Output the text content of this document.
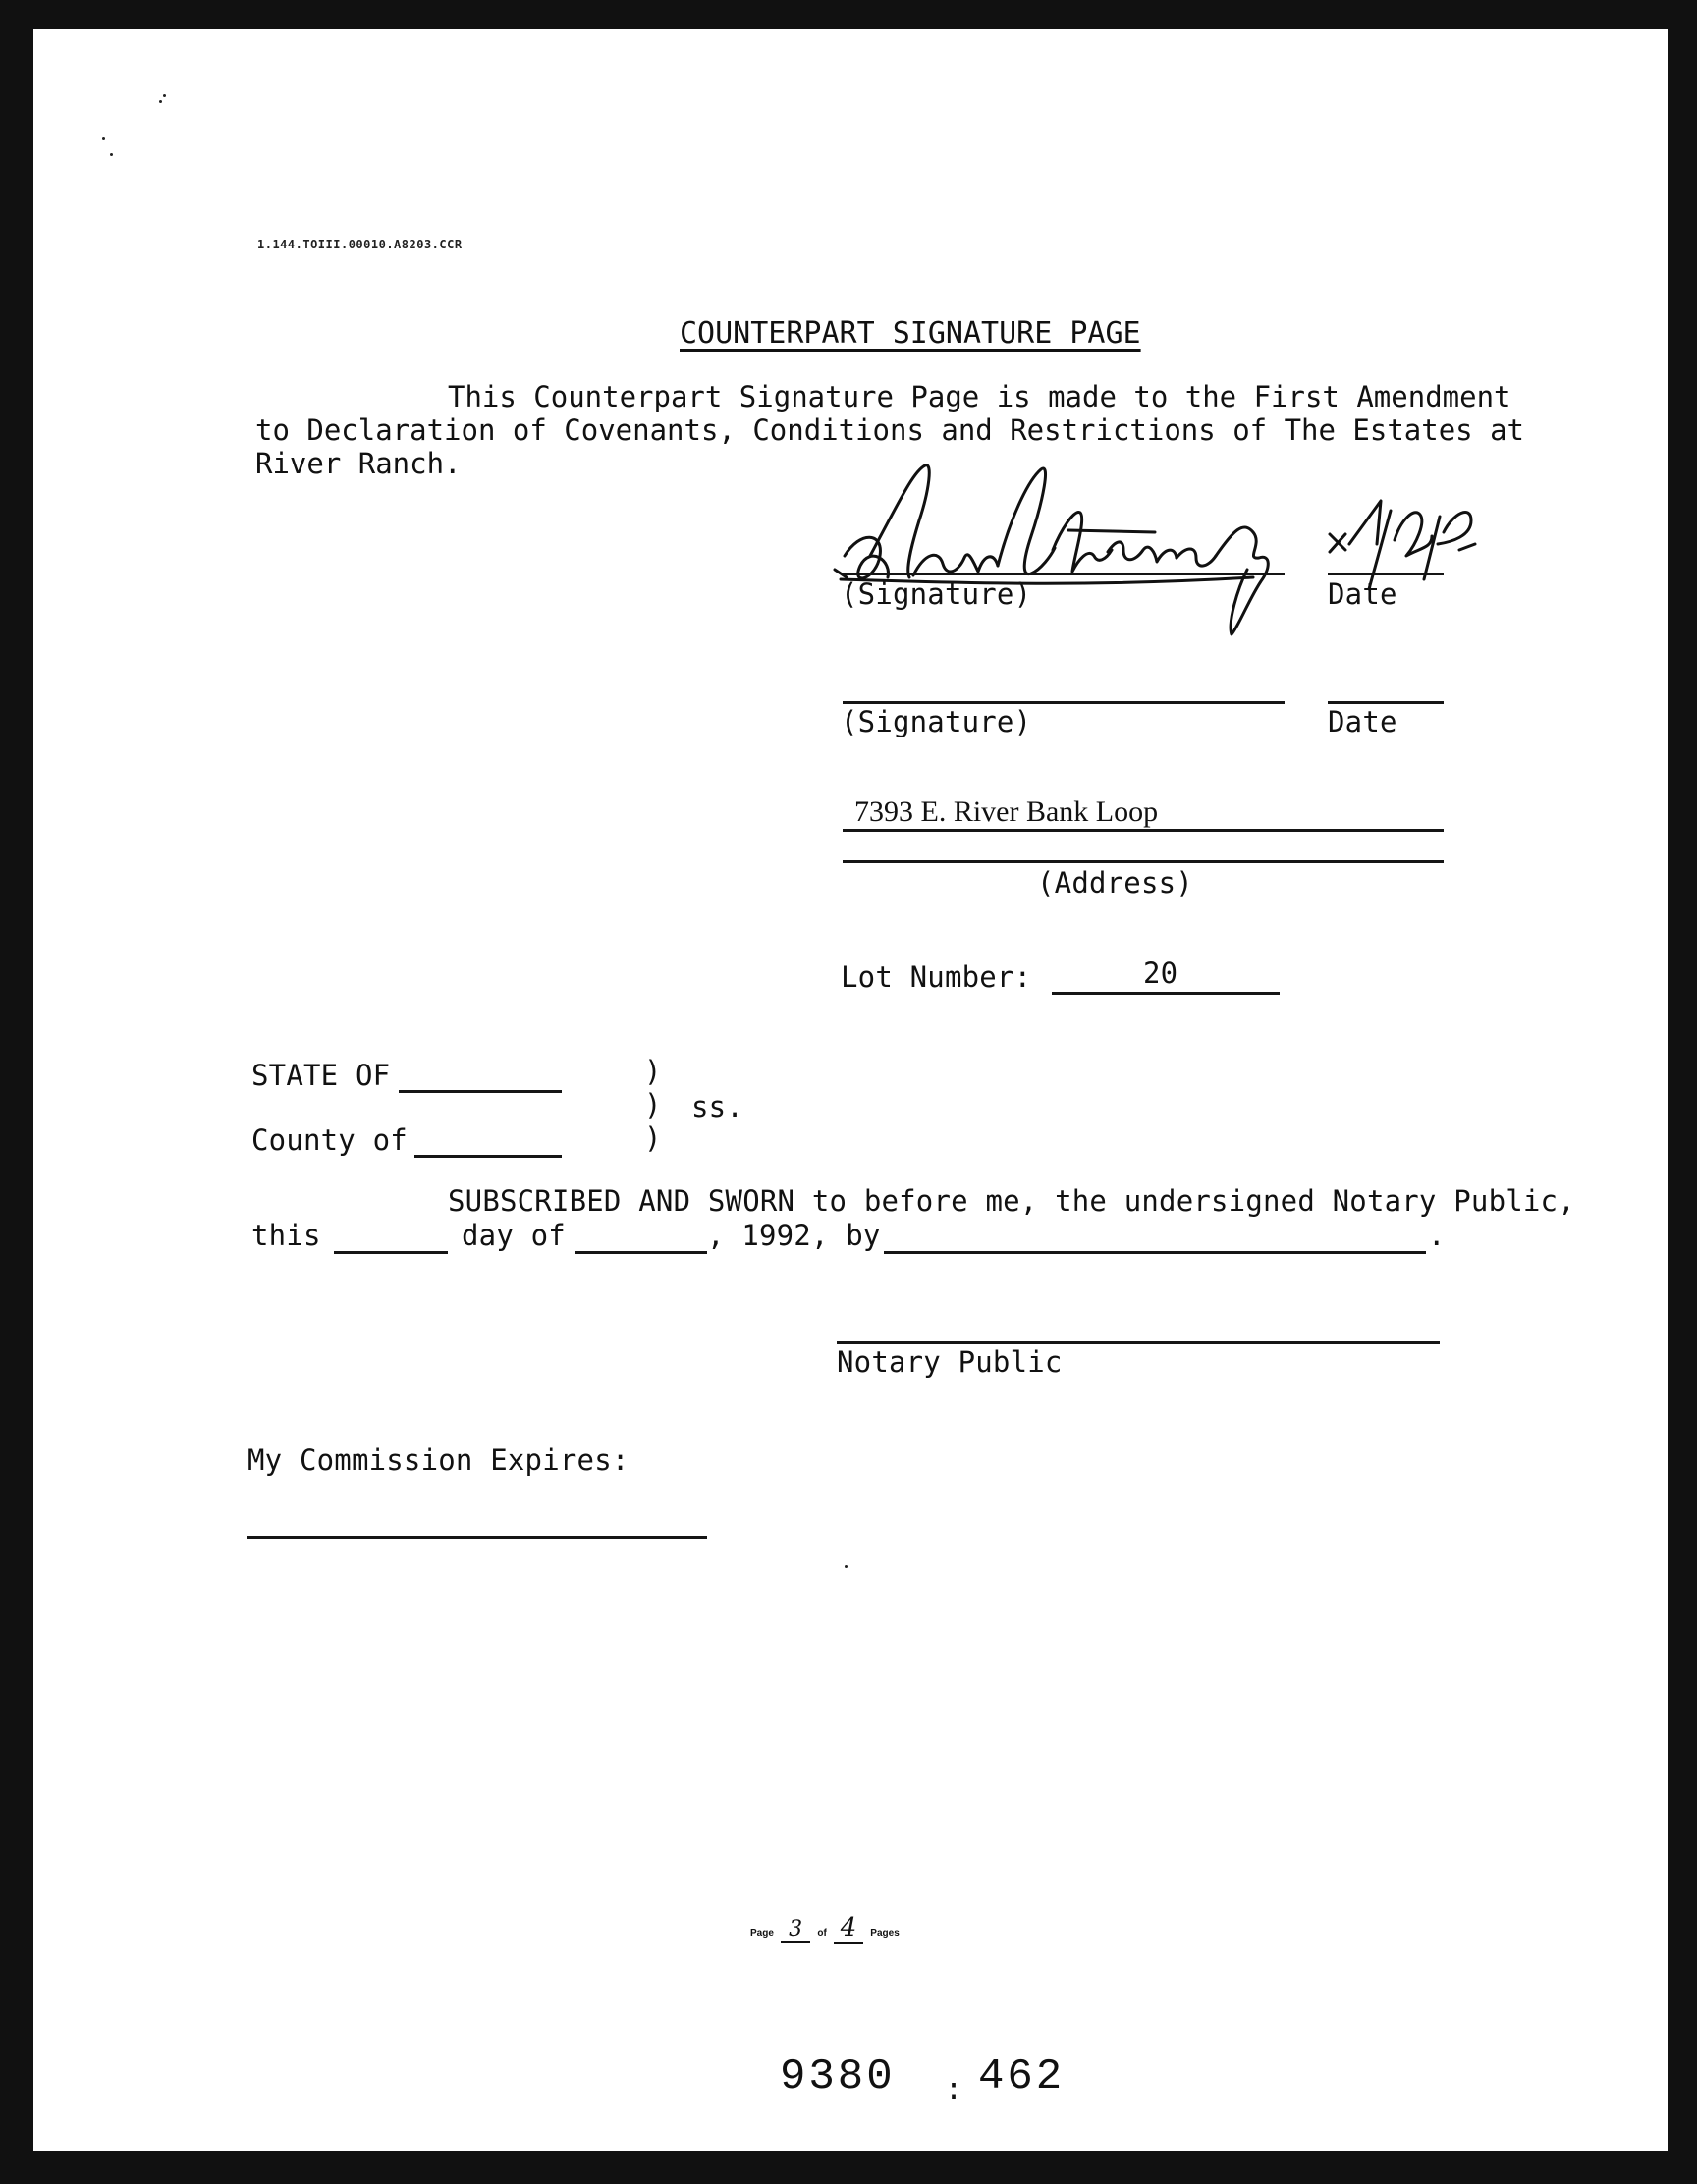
1.144.TOIII.00010.A8203.CCR
COUNTERPART SIGNATURE PAGE
This Counterpart Signature Page is made to the First Amendment to Declaration of Covenants, Conditions and Restrictions of The Estates at River Ranch.
(Signature)	Date
(Signature)	Date
7393 E. River Bank Loop
(Address)
Lot Number:	20
STATE OF
County of
)
)
)
ss.
SUBSCRIBED AND SWORN to before me, the undersigned Notary Public,
this	day of	, 1992, by	.
Notary Public
My Commission Expires:
Page 3 of 4 Pages
9380 : 462
